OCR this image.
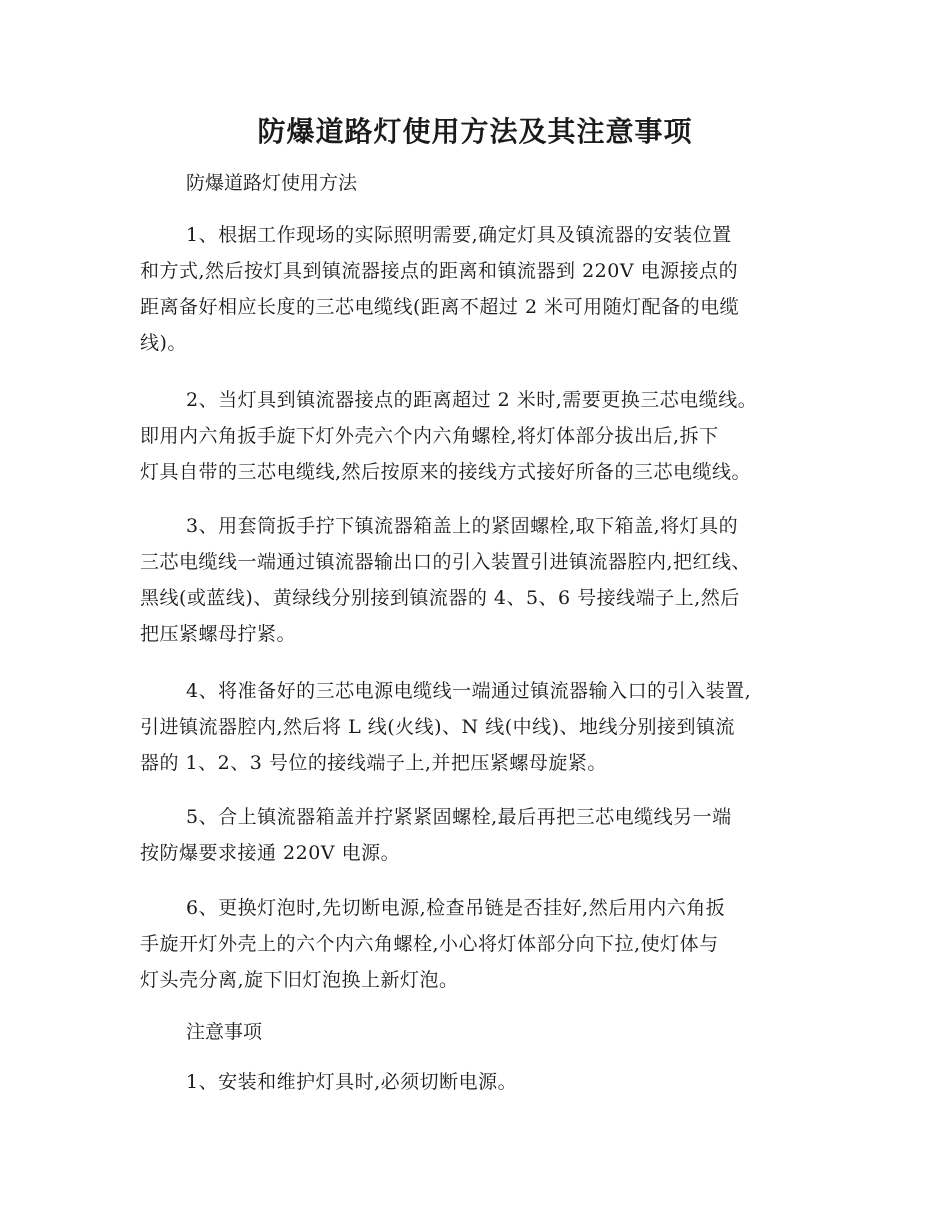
防爆道路灯使用方法及其注意事项
防爆道路灯使用方法
1、根据工作现场的实际照明需要,确定灯具及镇流器的安装位置
和方式,然后按灯具到镇流器接点的距离和镇流器到 220V 电源接点的
距离备好相应长度的三芯电缆线(距离不超过 2 米可用随灯配备的电缆
线)。
2、当灯具到镇流器接点的距离超过 2 米时,需要更换三芯电缆线。
即用内六角扳手旋下灯外壳六个内六角螺栓,将灯体部分拔出后,拆下
灯具自带的三芯电缆线,然后按原来的接线方式接好所备的三芯电缆线。
3、用套筒扳手拧下镇流器箱盖上的紧固螺栓,取下箱盖,将灯具的
三芯电缆线一端通过镇流器输出口的引入装置引进镇流器腔内,把红线、
黑线(或蓝线)、黄绿线分别接到镇流器的 4、5、6 号接线端子上,然后
把压紧螺母拧紧。
4、将准备好的三芯电源电缆线一端通过镇流器输入口的引入装置,
引进镇流器腔内,然后将 L 线(火线)、N 线(中线)、地线分别接到镇流
器的 1、2、3 号位的接线端子上,并把压紧螺母旋紧。
5、合上镇流器箱盖并拧紧紧固螺栓,最后再把三芯电缆线另一端
按防爆要求接通 220V 电源。
6、更换灯泡时,先切断电源,检查吊链是否挂好,然后用内六角扳
手旋开灯外壳上的六个内六角螺栓,小心将灯体部分向下拉,使灯体与
灯头壳分离,旋下旧灯泡换上新灯泡。
注意事项
1、安装和维护灯具时,必须切断电源。
